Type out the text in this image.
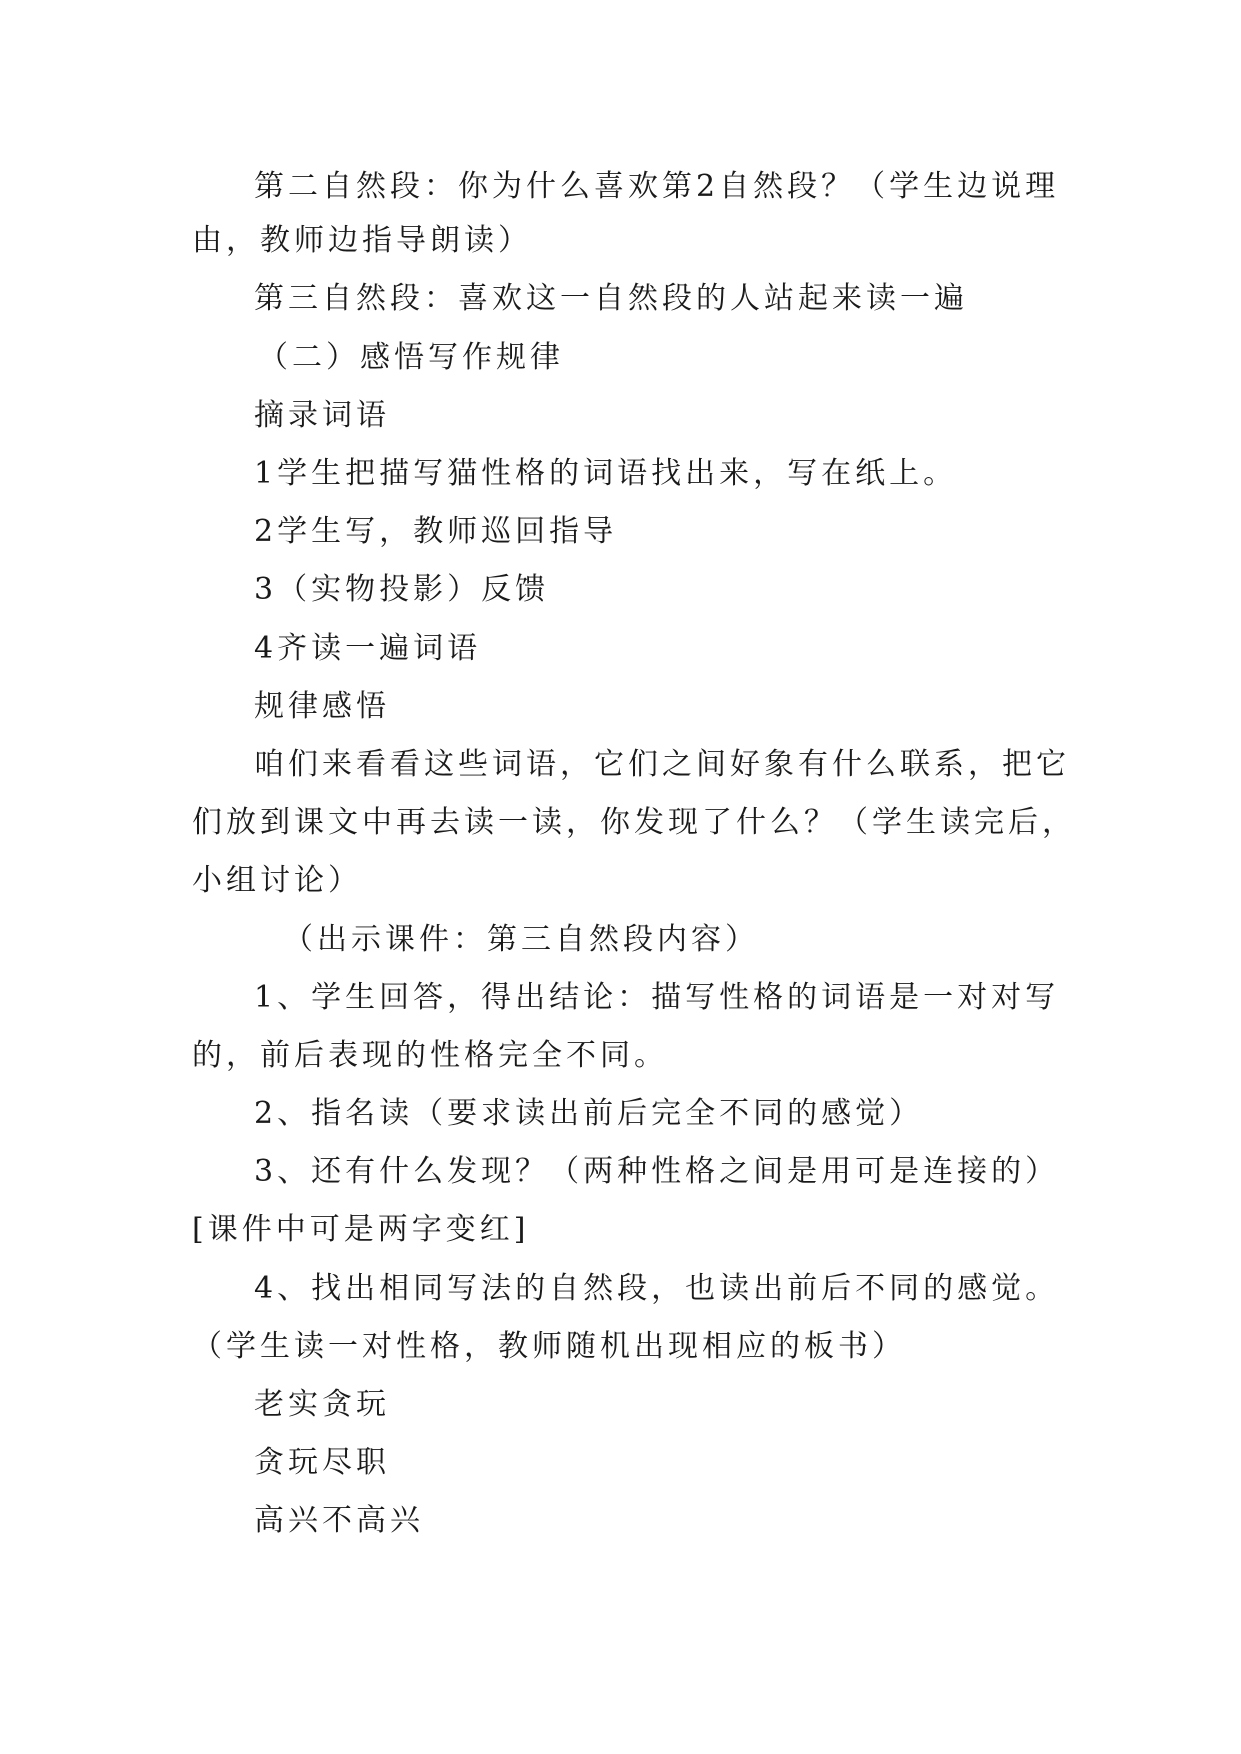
第二自然段：你为什么喜欢第2自然段？（学生边说理
由，教师边指导朗读）
第三自然段：喜欢这一自然段的人站起来读一遍
（二）感悟写作规律
摘录词语
1学生把描写猫性格的词语找出来，写在纸上。
2学生写，教师巡回指导
3（实物投影）反馈
4齐读一遍词语
规律感悟
咱们来看看这些词语，它们之间好象有什么联系，把它
们放到课文中再去读一读，你发现了什么？（学生读完后，
小组讨论）
（出示课件：第三自然段内容）
1、学生回答，得出结论：描写性格的词语是一对对写
的，前后表现的性格完全不同。
2、指名读（要求读出前后完全不同的感觉）
3、还有什么发现？（两种性格之间是用可是连接的）
[课件中可是两字变红]
4、找出相同写法的自然段，也读出前后不同的感觉。
（学生读一对性格，教师随机出现相应的板书）
老实贪玩
贪玩尽职
高兴不高兴
